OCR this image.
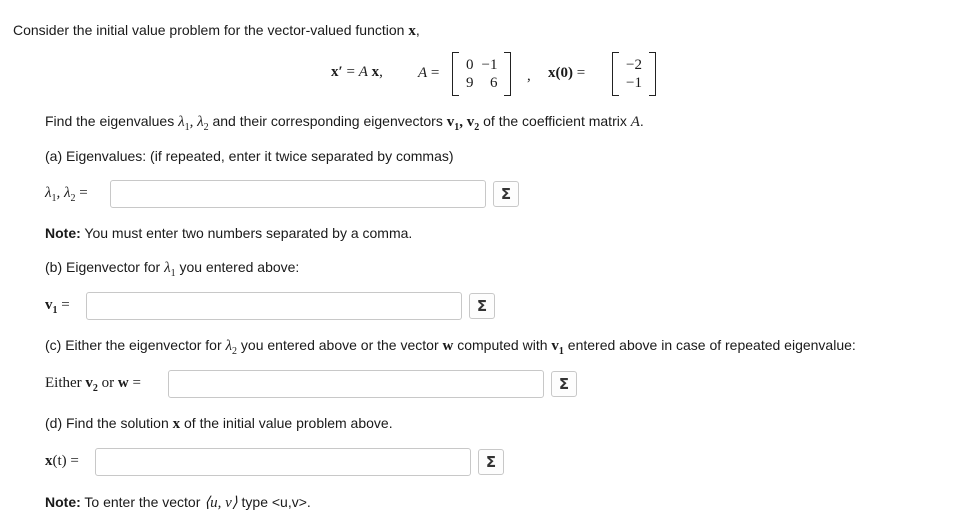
Consider the initial value problem for the vector-valued function x,
x′ = A x, A = 0 −1
9	6 , x(0) =	−2
−1
Find the eigenvalues $\lambda_1$, $\lambda_2$ and their corresponding eigenvectors $v_1$, $v_2$ of the coefficient matrix A.
(a) Eigenvalues: (if repeated, enter it twice separated by commas)
$\lambda_1$, $\lambda_2$ =	Σ
Note: You must enter two numbers separated by a comma.
(b) Eigenvector for $\lambda_1$ you entered above:
$v_1$ =	Σ
(c) Either the eigenvector for $\lambda_2$ you entered above or the vector w computed with $v_1$ entered above in case of repeated eigenvalue:
Either $v_2$ or w =	Σ
(d) Find the solution x of the initial value problem above.
x(t) =	Σ
Note: To enter the vector ⟨u, v⟩ type <u,v>.
